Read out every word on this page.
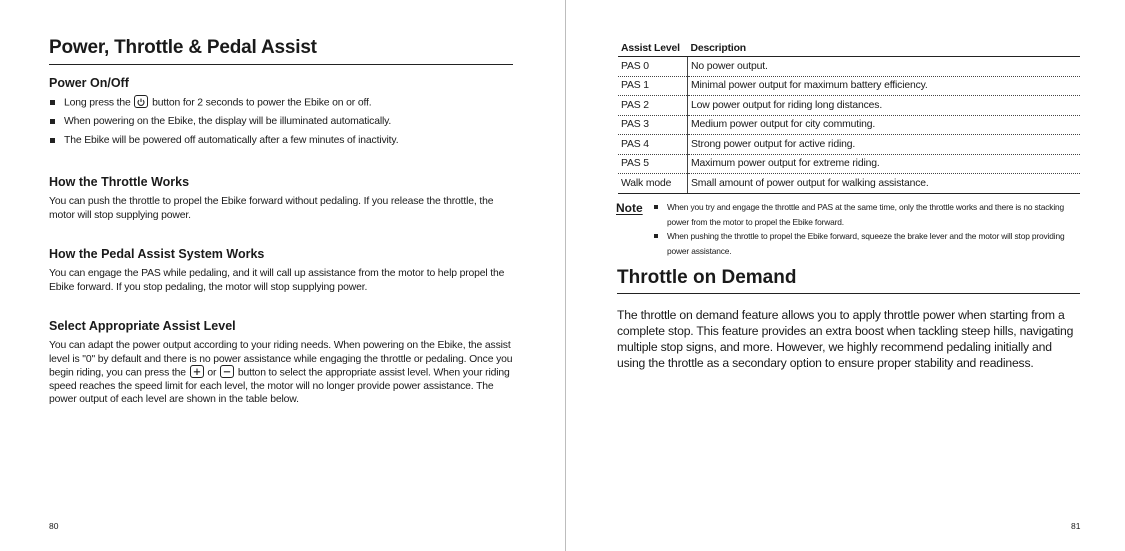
Power, Throttle & Pedal Assist
Power On/Off
Long press the button for 2 seconds to power the Ebike on or off.
When powering on the Ebike, the display will be illuminated automatically.
The Ebike will be powered off automatically after a few minutes of inactivity.
How the Throttle Works
You can push the throttle to propel the Ebike forward without pedaling. If you release the throttle, the motor will stop supplying power.
How the Pedal Assist System Works
You can engage the PAS while pedaling, and it will call up assistance from the motor to help propel the Ebike forward. If you stop pedaling, the motor will stop supplying power.
Select Appropriate Assist Level
You can adapt the power output according to your riding needs. When powering on the Ebike, the assist level is "0" by default and there is no power assistance while engaging the throttle or pedaling. Once you begin riding, you can press the or button to select the appropriate assist level. When your riding speed reaches the speed limit for each level, the motor will no longer provide power assistance. The power output of each level are shown in the table below.
80
Assist Level	Description
PAS 0	No power output.
PAS 1	Minimal power output for maximum battery efficiency.
PAS 2	Low power output for riding long distances.
PAS 3	Medium power output for city commuting.
PAS 4	Strong power output for active riding.
PAS 5	Maximum power output for extreme riding.
Walk mode	Small amount of power output for walking assistance.
Note	When you try and engage the throttle and PAS at the same time, only the throttle works and there is no stacking power from the motor to propel the Ebike forward.
When pushing the throttle to propel the Ebike forward, squeeze the brake lever and the motor will stop providing power assistance.
Throttle on Demand
The throttle on demand feature allows you to apply throttle power when starting from a complete stop. This feature provides an extra boost when tackling steep hills, navigating multiple stop signs, and more. However, we highly recommend pedaling initially and using the throttle as a secondary option to ensure proper stability and readiness.
81
